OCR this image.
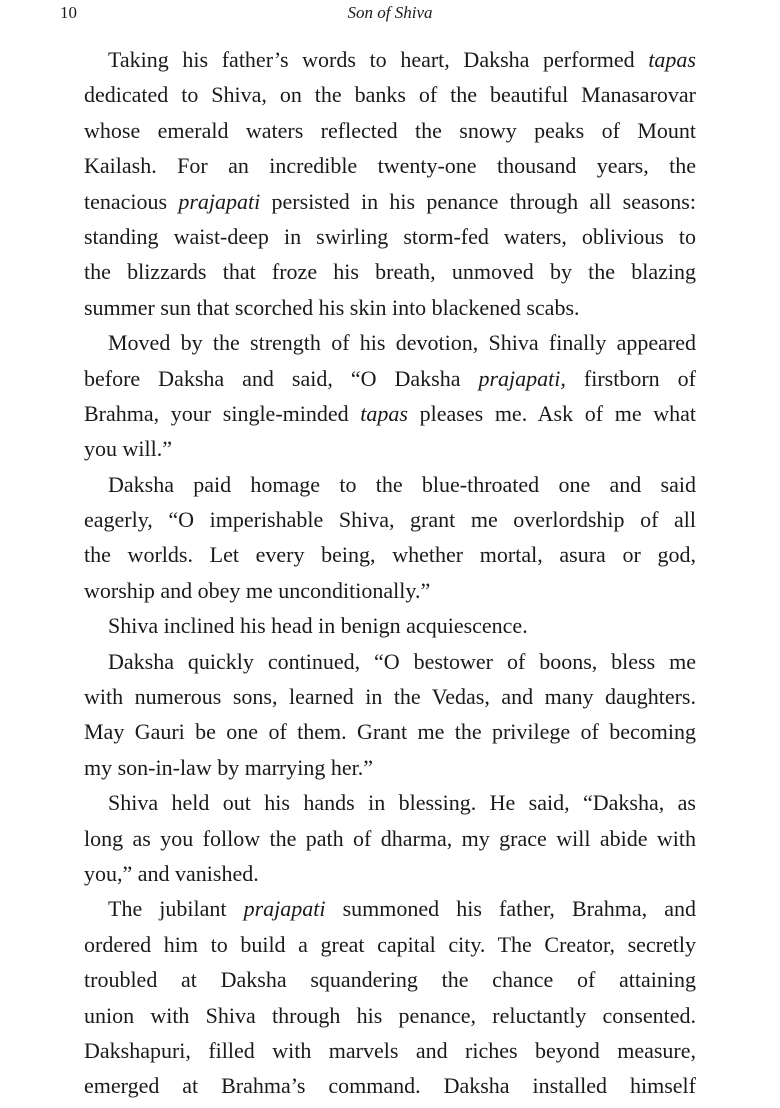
10	Son of Shiva
Taking his father’s words to heart, Daksha performed tapas
dedicated to Shiva, on the banks of the beautiful Manasarovar
whose emerald waters reflected the snowy peaks of Mount
Kailash. For an incredible twenty-one thousand years, the
tenacious prajapati persisted in his penance through all seasons:
standing waist-deep in swirling storm-fed waters, oblivious to
the blizzards that froze his breath, unmoved by the blazing
summer sun that scorched his skin into blackened scabs.
Moved by the strength of his devotion, Shiva finally appeared
before Daksha and said, “O Daksha prajapati, firstborn of
Brahma, your single-minded tapas pleases me. Ask of me what
you will.”
Daksha paid homage to the blue-throated one and said
eagerly, “O imperishable Shiva, grant me overlordship of all
the worlds. Let every being, whether mortal, asura or god,
worship and obey me unconditionally.”
Shiva inclined his head in benign acquiescence.
Daksha quickly continued, “O bestower of boons, bless me
with numerous sons, learned in the Vedas, and many daughters.
May Gauri be one of them. Grant me the privilege of becoming
my son-in-law by marrying her.”
Shiva held out his hands in blessing. He said, “Daksha, as
long as you follow the path of dharma, my grace will abide with
you,” and vanished.
The jubilant prajapati summoned his father, Brahma, and
ordered him to build a great capital city. The Creator, secretly
troubled at Daksha squandering the chance of attaining
union with Shiva through his penance, reluctantly consented.
Dakshapuri, filled with marvels and riches beyond measure,
emerged at Brahma’s command. Daksha installed himself
